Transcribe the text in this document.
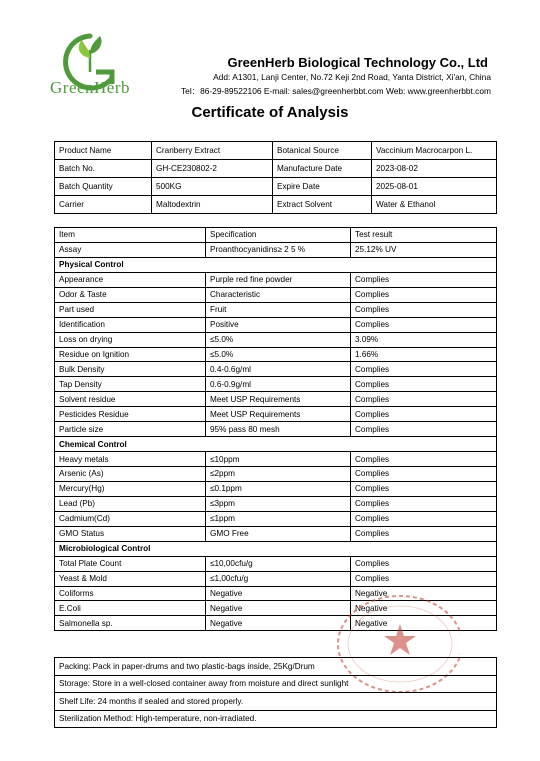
GreenHerb
GreenHerb Biological Technology Co., Ltd
Add: A1301, Lanji Center, No.72 Keji 2nd Road, Yanta District, Xi'an, China
Tel：86-29-89522106 E-mail: sales@greenherbbt.com Web: www.greenherbbt.com
Certificate of Analysis
Product Name	Cranberry Extract	Botanical Source	Vaccinium Macrocarpon L.
Batch No.	GH-CE230802-2	Manufacture Date	2023-08-02
Batch Quantity	500KG	Expire Date	2025-08-01
Carrier	Maltodextrin	Extract Solvent	Water & Ethanol
Item	Specification	Test result
Assay	Proanthocyanidins≥ 2 5 %	25.12% UV
Physical Control		
Appearance	Purple red fine powder	Complies
Odor & Taste	Characteristic	Complies
Part used	Fruit	Complies
Identification	Positive	Complies
Loss on drying	≤5.0%	3.09%
Residue on Ignition	≤5.0%	1.66%
Bulk Density	0.4-0.6g/ml	Complies
Tap Density	0.6-0.9g/ml	Complies
Solvent residue	Meet USP Requirements	Complies
Pesticides Residue	Meet USP Requirements	Complies
Particle size	95% pass 80 mesh	Complies
Chemical Control		
Heavy metals	≤10ppm	Complies
Arsenic (As)	≤2ppm	Complies
Mercury(Hg)	≤0.1ppm	Complies
Lead (Pb)	≤3ppm	Complies
Cadmium(Cd)	≤1ppm	Complies
GMO Status	GMO Free	Complies
Microbiological Control		
Total Plate Count	≤10,00cfu/g	Complies
Yeast & Mold	≤1,00cfu/g	Complies
Coliforms	Negative	Negative
E.Coli	Negative	Negative
Salmonella sp.	Negative	Negative
Packing: Pack in paper-drums and two plastic-bags inside, 25Kg/Drum
Storage: Store in a well-closed container away from moisture and direct sunlight
Shelf Life: 24 months if sealed and stored properly.
Sterilization Method: High-temperature, non-irradiated.
